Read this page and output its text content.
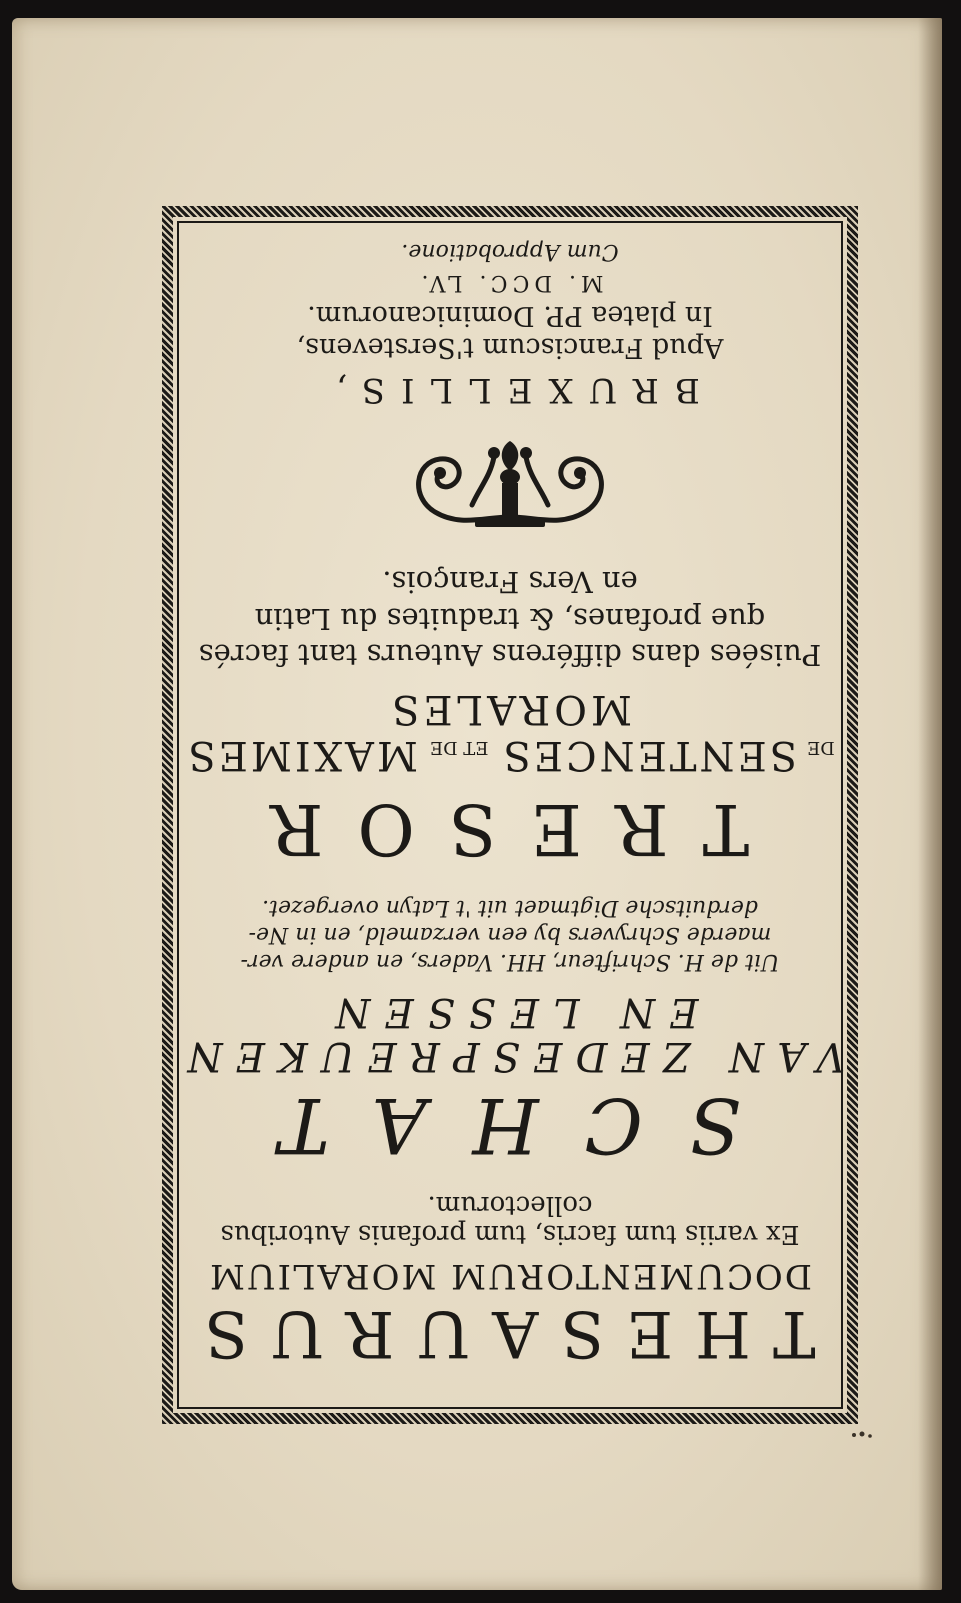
THESAURUS
DOCUMENTORUM MORALIUM
Ex variis tum facris, tum profanis Autoribus
collectorum.
SCHAT
VAN ZEDESPREUKEN
EN LESSEN
Uit de H. Schrifteur, HH. Vaders, en andere ver-
maerde Schryvers by een verzameld, en in Ne-
derduitsche Digtmaet uit 't Latyn overgezet.
TRESOR
DE
SENTENCES
ET DE
MAXIMES
MORALES
Puisées dans différens Auteurs tant facrés
que profanes, & traduites du Latin
en Vers François.
BRUXELLIS,
Apud Franciscum t'Serstevens,
In platea PP. Dominicanorum.
M. DCC. LV.
Cum Approbatione.
